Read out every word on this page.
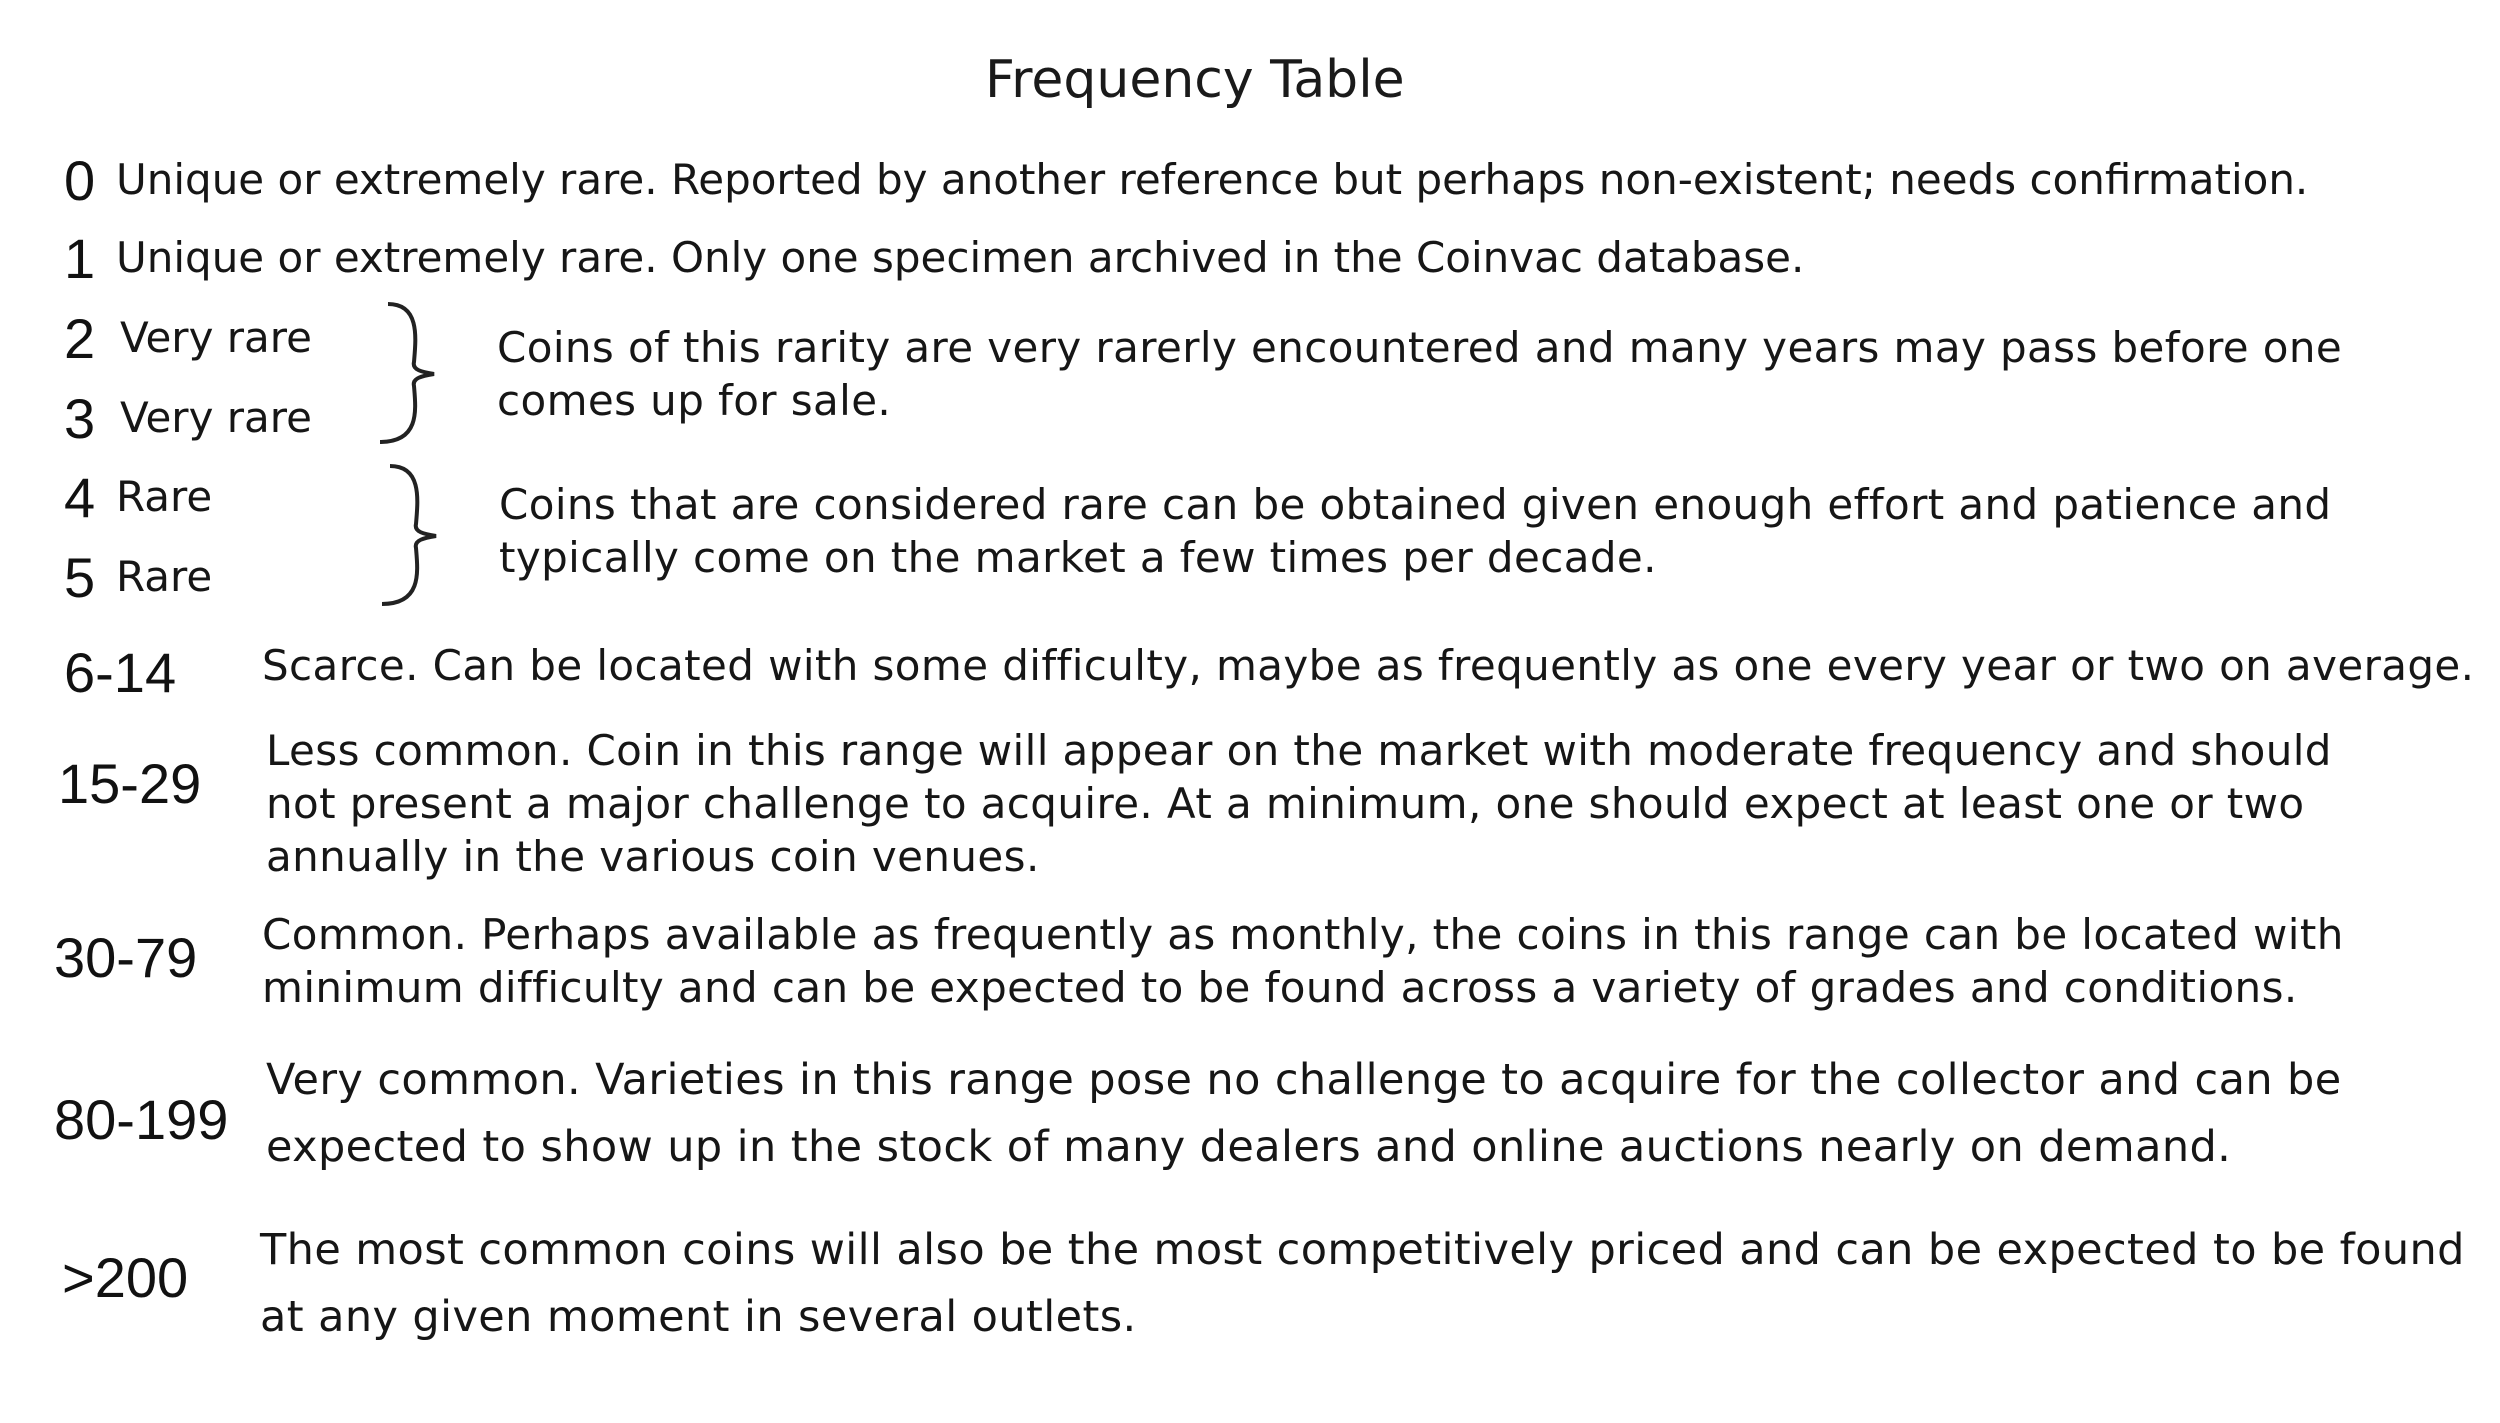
Frequency Table
0 Unique or extremely rare. Reported by another reference but perhaps non-existent; needs confirmation.
1 Unique or extremely rare. Only one specimen archived in the Coinvac database.
2 Very rare
3 Very rare
Coins of this rarity are very rarerly encountered and many years may pass before one comes up for sale.
4 Rare
5 Rare
Coins that are considered rare can be obtained given enough effort and patience and typically come on the market a few times per decade.
6-14 Scarce. Can be located with some difficulty, maybe as frequently as one every year or two on average.
15-29
Less common. Coin in this range will appear on the market with moderate frequency and should not present a major challenge to acquire. At a minimum, one should expect at least one or two annually in the various coin venues.
30-79 Common. Perhaps available as frequently as monthly, the coins in this range can be located with minimum difficulty and can be expected to be found across a variety of grades and conditions.
80-199
Very common. Varieties in this range pose no challenge to acquire for the collector and can be expected to show up in the stock of many dealers and online auctions nearly on demand.
>200 The most common coins will also be the most competitively priced and can be expected to be found at any given moment in several outlets.
